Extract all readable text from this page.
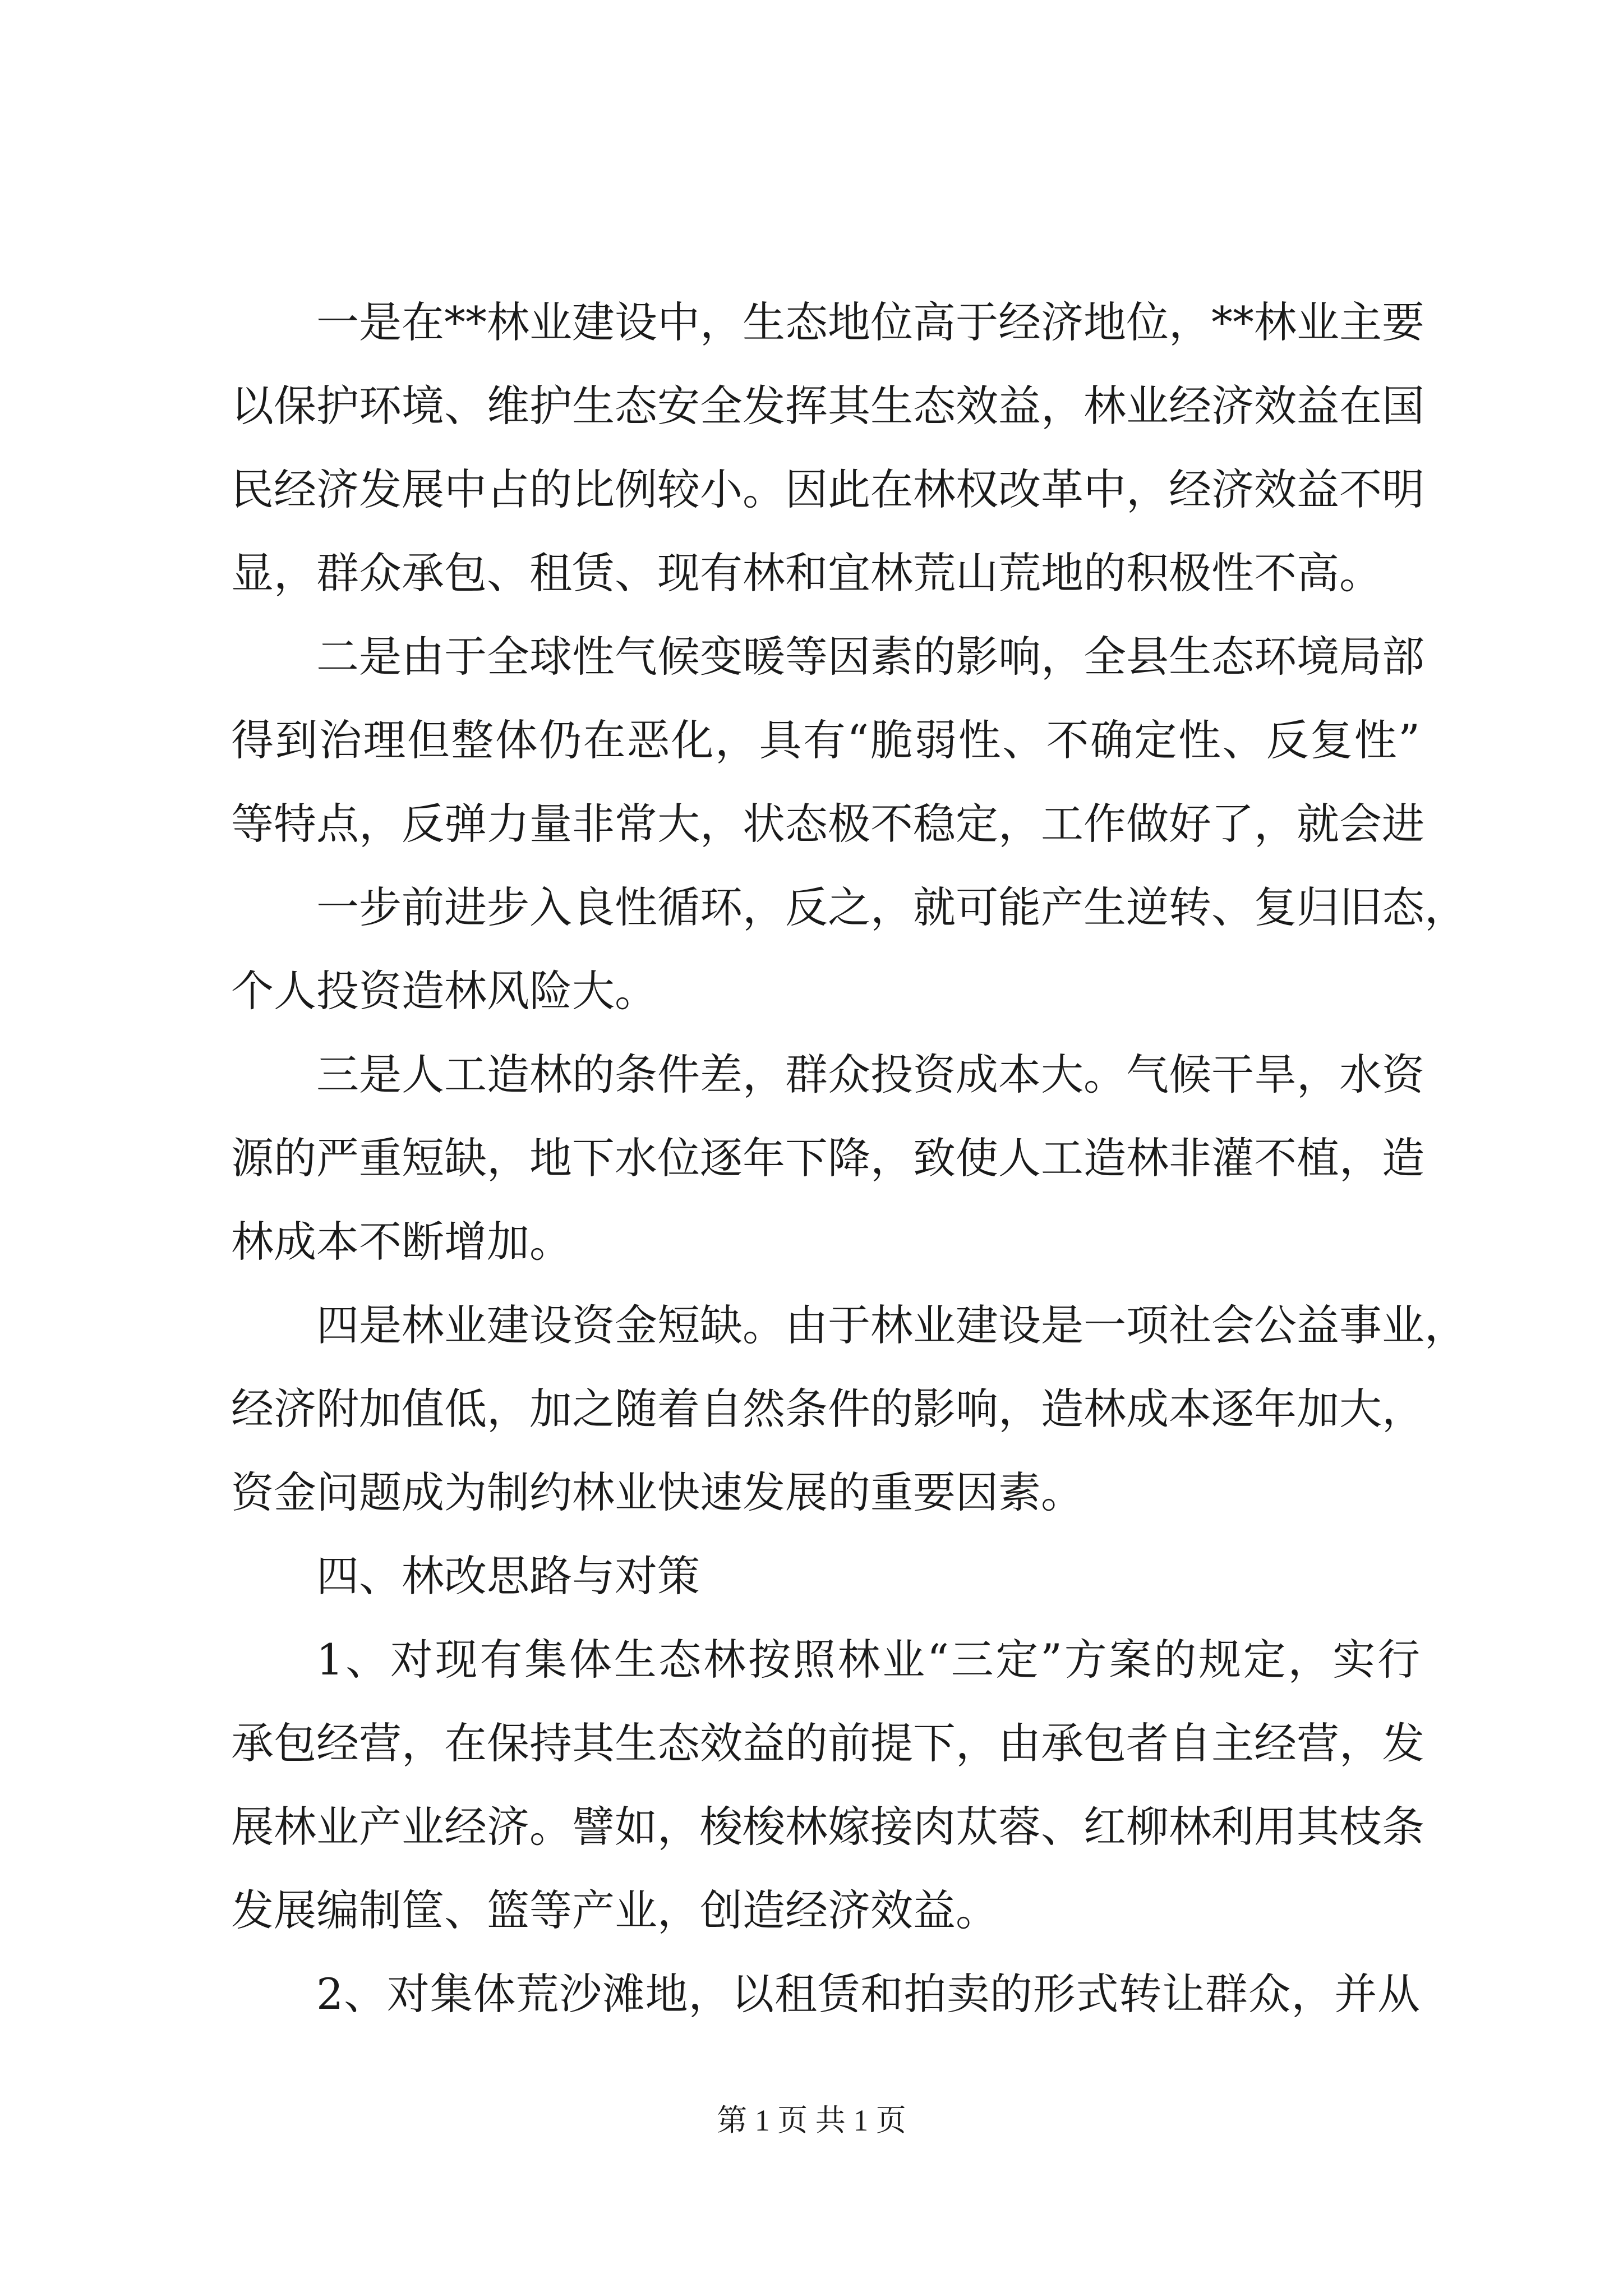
一是在**林业建设中，生态地位高于经济地位，**林业主要
以保护环境、维护生态安全发挥其生态效益，林业经济效益在国
民经济发展中占的比例较小。因此在林权改革中，经济效益不明
显，群众承包、租赁、现有林和宜林荒山荒地的积极性不高。
二是由于全球性气候变暖等因素的影响，全县生态环境局部
得到治理但整体仍在恶化，具有“脆弱性、不确定性、反复性”
等特点，反弹力量非常大，状态极不稳定，工作做好了，就会进
一步前进步入良性循环，反之，就可能产生逆转、复归旧态，
个人投资造林风险大。
三是人工造林的条件差，群众投资成本大。气候干旱，水资
源的严重短缺，地下水位逐年下降，致使人工造林非灌不植，造
林成本不断增加。
四是林业建设资金短缺。由于林业建设是一项社会公益事业，
经济附加值低，加之随着自然条件的影响，造林成本逐年加大，
资金问题成为制约林业快速发展的重要因素。
四、林改思路与对策
1、对现有集体生态林按照林业“三定”方案的规定，实行
承包经营，在保持其生态效益的前提下，由承包者自主经营，发
展林业产业经济。譬如，梭梭林嫁接肉苁蓉、红柳林利用其枝条
发展编制筐、篮等产业，创造经济效益。
2、对集体荒沙滩地，以租赁和拍卖的形式转让群众，并从
第 1 页 共 1 页
